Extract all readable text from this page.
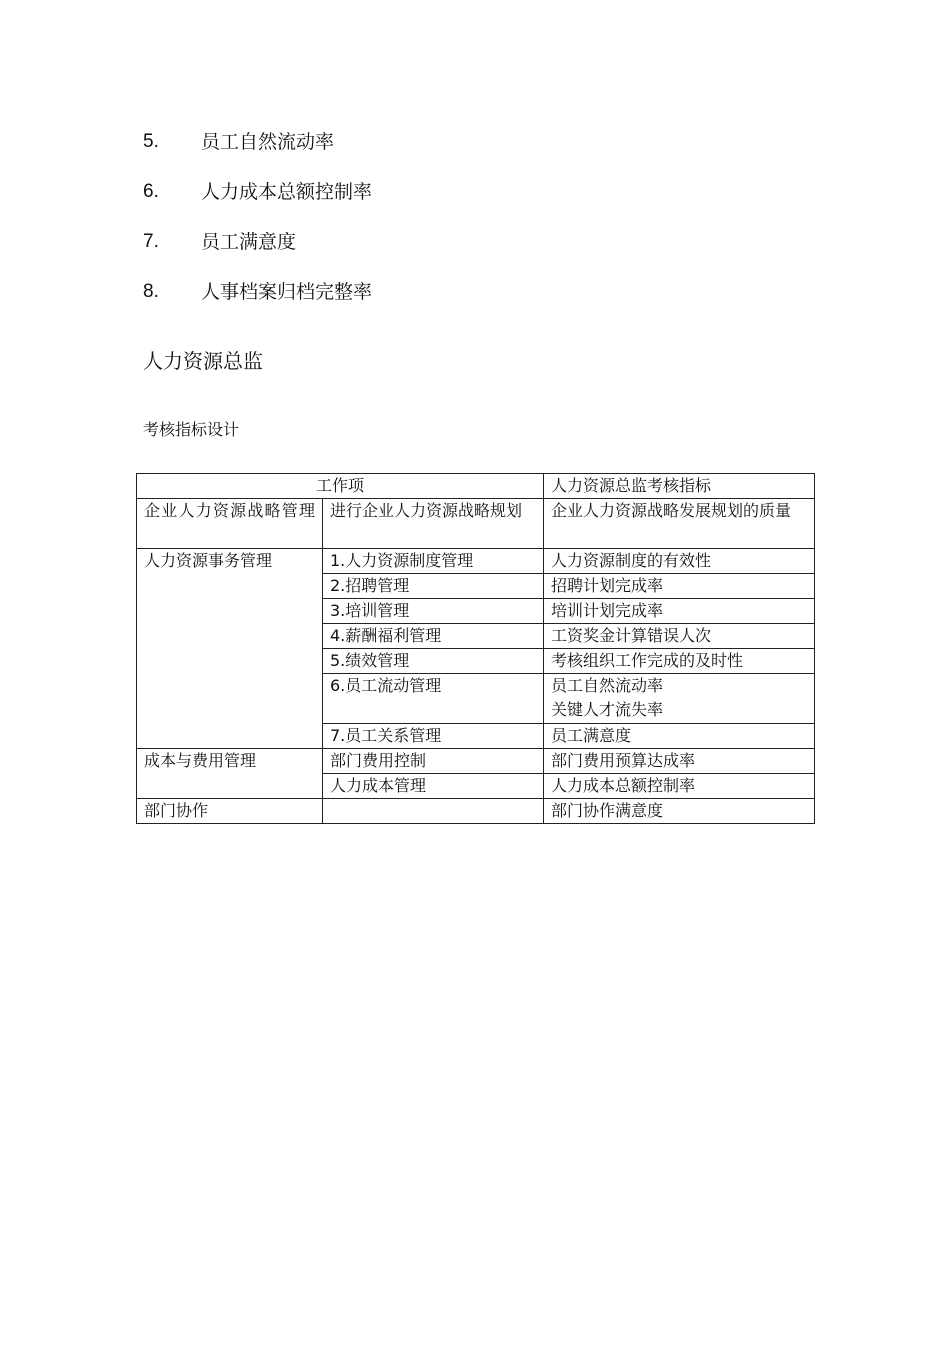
5.	员工自然流动率
6.	人力成本总额控制率
7.	员工满意度
8.	人事档案归档完整率
人力资源总监
考核指标设计
工作项		人力资源总监考核指标
企业人力资源战略管理	进行企业人力资源战略规划	企业人力资源战略发展规划的质量
人力资源事务管理	1.人力资源制度管理	人力资源制度的有效性
	2.招聘管理	招聘计划完成率
	3.培训管理	培训计划完成率
	4.薪酬福利管理	工资奖金计算错误人次
	5.绩效管理	考核组织工作完成的及时性
	6.员工流动管理	员工自然流动率
关键人才流失率

	7.员工关系管理	员工满意度
成本与费用管理	部门费用控制	部门费用预算达成率
	人力成本管理	人力成本总额控制率
部门协作		部门协作满意度
